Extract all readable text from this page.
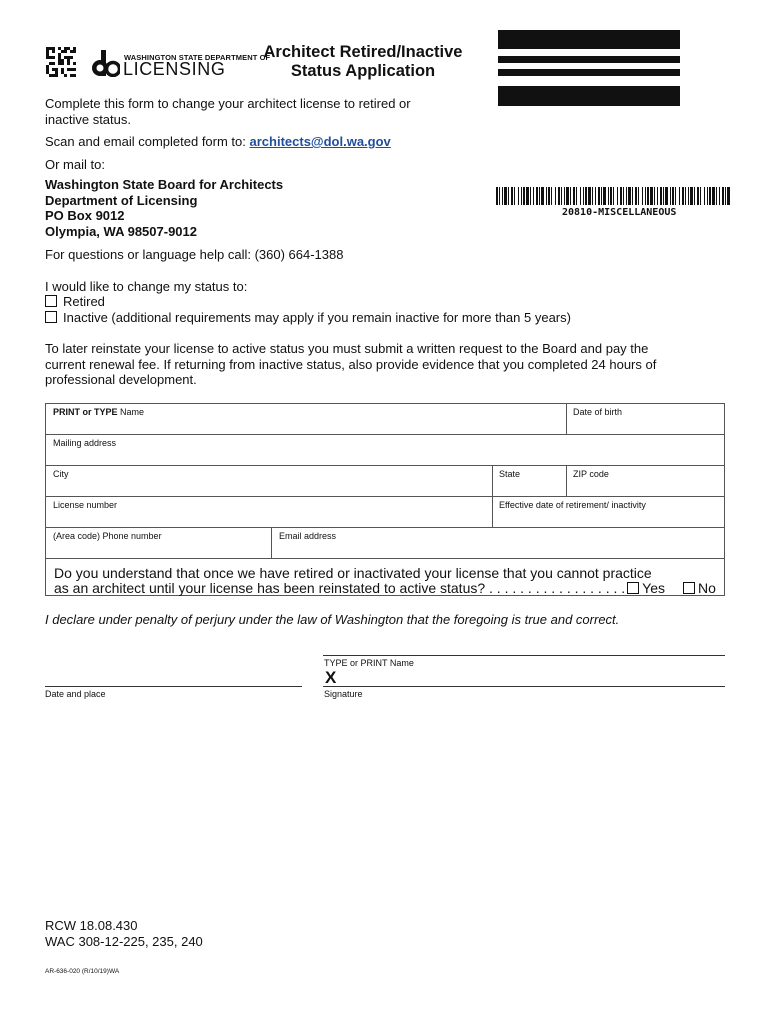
WASHINGTON STATE DEPARTMENT OF
LICENSING
Architect Retired/Inactive
Status Application
20810-MISCELLANEOUS
Complete this form to change your architect license to retired or
inactive status.
Scan and email completed form to: architects@dol.wa.gov
Or mail to:
Washington State Board for Architects
Department of Licensing
PO Box 9012
Olympia, WA 98507-9012
For questions or language help call: (360) 664-1388
I would like to change my status to:
Retired
Inactive (additional requirements may apply if you remain inactive for more than 5 years)
To later reinstate your license to active status you must submit a written request to the Board and pay the
current renewal fee. If returning from inactive status, also provide evidence that you completed 24 hours of
professional development.
PRINT or TYPE Name	Date of birth
Mailing address
City	State	ZIP code
License number	Effective date of retirement/ inactivity
(Area code) Phone number	Email address
Do you understand that once we have retired or inactivated your license that you cannot practice
as an architect until your license has been reinstated to active status? . . . . . . . . . . . . . . . . . . Yes No
I declare under penalty of perjury under the law of Washington that the foregoing is true and correct.
TYPE or PRINT Name
X
Signature
Date and place
RCW 18.08.430
WAC 308-12-225, 235, 240
AR-636-020 (R/10/19)WA
